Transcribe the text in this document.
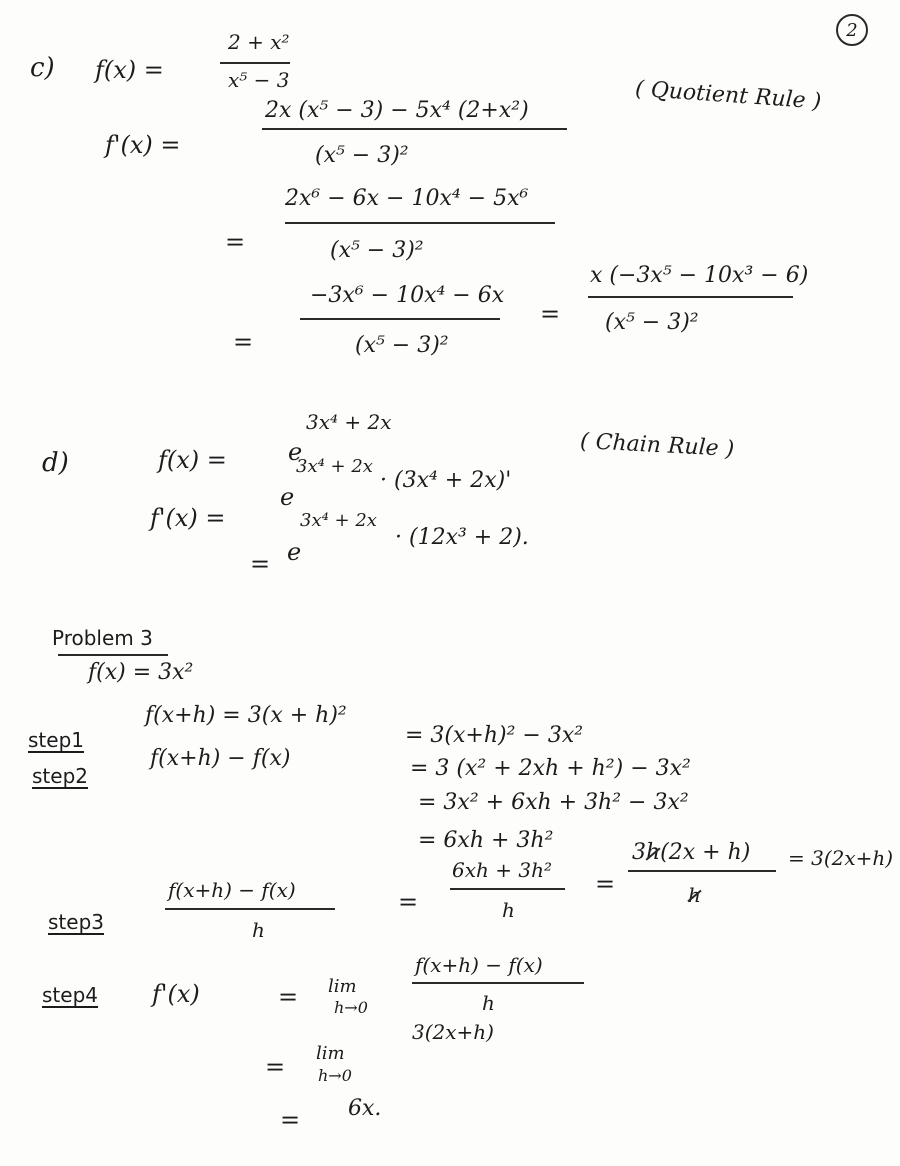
2
c) f(x) =
2 + x²
x⁵ − 3
f'(x) =
2x (x⁵ − 3) − 5x⁴ (2+x²)
(x⁵ − 3)²
( Quotient Rule )
=
2x⁶ − 6x − 10x⁴ − 5x⁶
(x⁵ − 3)²
=
−3x⁶ − 10x⁴ − 6x
(x⁵ − 3)²
=
x (−3x⁵ − 10x³ − 6)
(x⁵ − 3)²
d)	f(x) =	e
3x⁴ + 2x
f'(x) =
e
3x⁴ + 2x
· (3x⁴ + 2x)'
( Chain Rule )
= e
3x⁴ + 2x
· (12x³ + 2).
Problem 3
f(x) = 3x²
step1
f(x+h) = 3(x + h)²
step2
f(x+h) − f(x)
= 3(x+h)² − 3x²
= 3 (x² + 2xh + h²) − 3x²
= 3x² + 6xh + 3h² − 3x²
= 6xh + 3h²
step3
f(x+h) − f(x)
h
=
6xh + 3h²
h
=
3h(2x + h)
h
= 3(2x+h)
step4 f'(x)	= lim
h→0
f(x+h) − f(x)
h
= lim
h→0
3(2x+h)
= 6x.
